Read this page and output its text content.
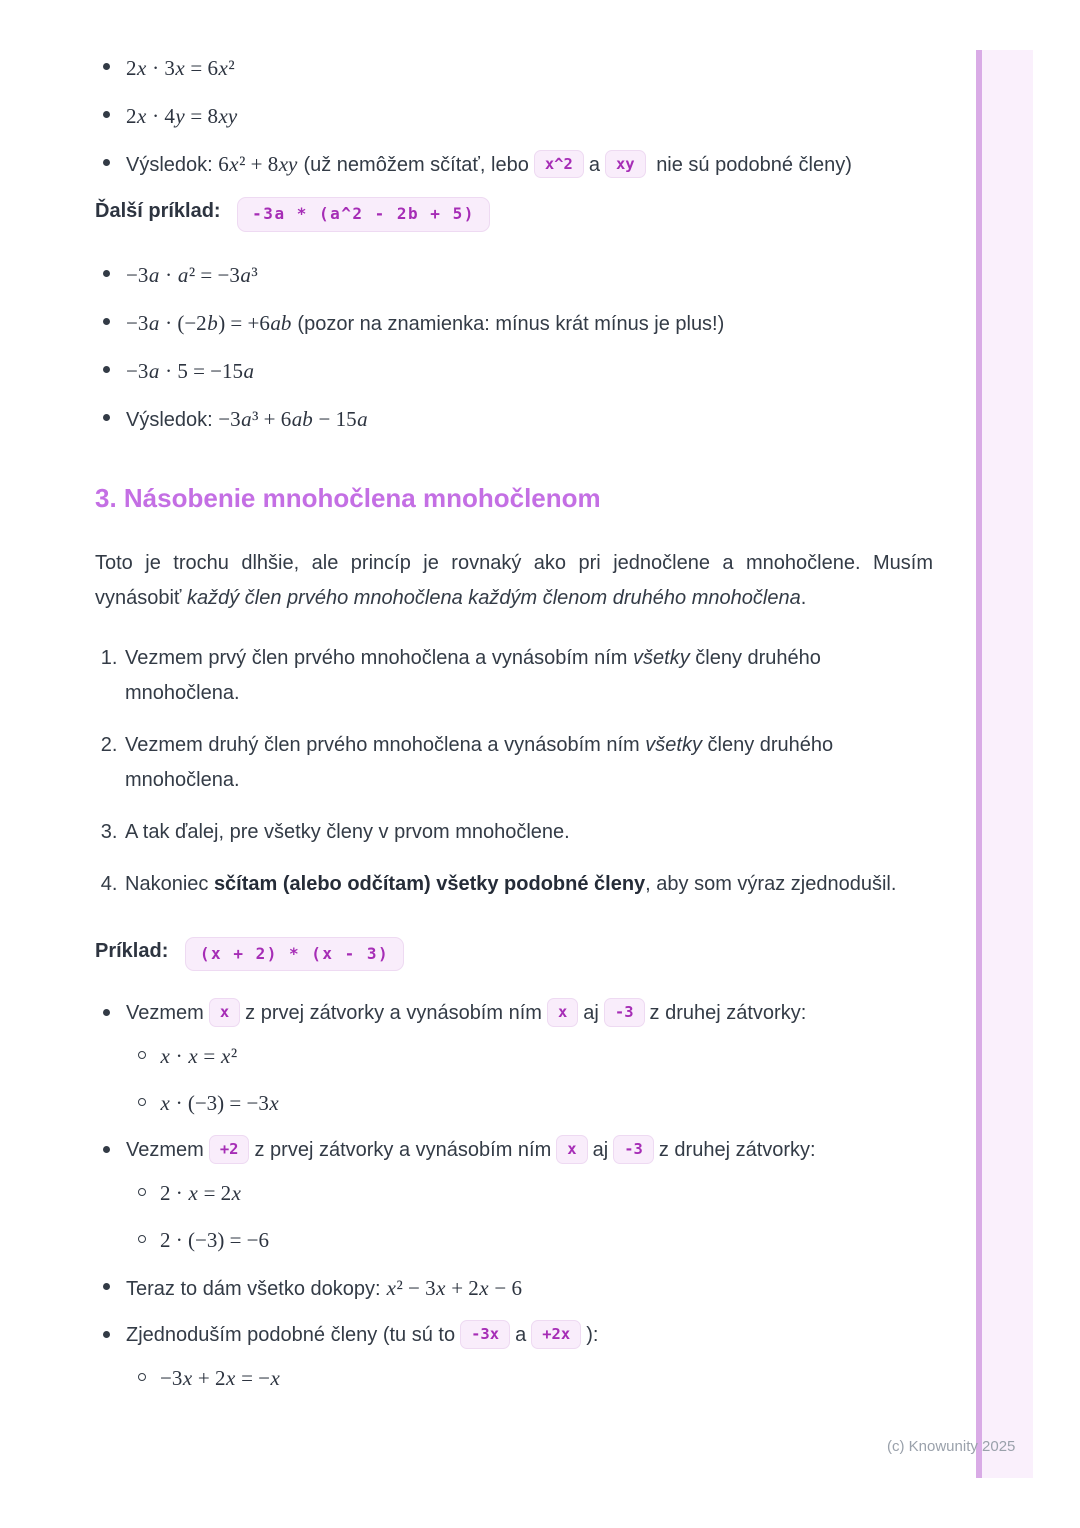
2x · 3x = 6x²
2x · 4y = 8xy
Výsledok: 6x² + 8xy (už nemôžem sčítať, lebo x^2 a xy nie sú podobné členy)

Ďalší príklad: -3a * (a^2 - 2b + 5)

−3a · a² = −3a³
−3a · (−2b) = +6ab (pozor na znamienka: mínus krát mínus je plus!)
−3a · 5 = −15a
Výsledok: −3a³ + 6ab − 15a
3. Násobenie mnohočlena mnohočlenom

Toto je trochu dlhšie, ale princíp je rovnaký ako pri jednočlene a mnohočlene. Musím vynásobiť každý člen prvého mnohočlena každým členom druhého mnohočlena.

1. Vezmem prvý člen prvého mnohočlena a vynásobím ním všetky členy druhého mnohočlena.
2. Vezmem druhý člen prvého mnohočlena a vynásobím ním všetky členy druhého mnohočlena.
3. A tak ďalej, pre všetky členy v prvom mnohočlene.
4. Nakoniec sčítam (alebo odčítam) všetky podobné členy, aby som výraz zjednodušil.

Príklad: (x + 2) * (x - 3)

Vezmem x z prvej zátvorky a vynásobím ním x aj -3 z druhej zátvorky:
x · x = x²
x · (−3) = −3x
Vezmem +2 z prvej zátvorky a vynásobím ním x aj -3 z druhej zátvorky:
2 · x = 2x
2 · (−3) = −6
Teraz to dám všetko dokopy: x² − 3x + 2x − 6
Zjednoduším podobné členy (tu sú to -3x a +2x ):
−3x + 2x = −x
(c) Knowunity 2025
